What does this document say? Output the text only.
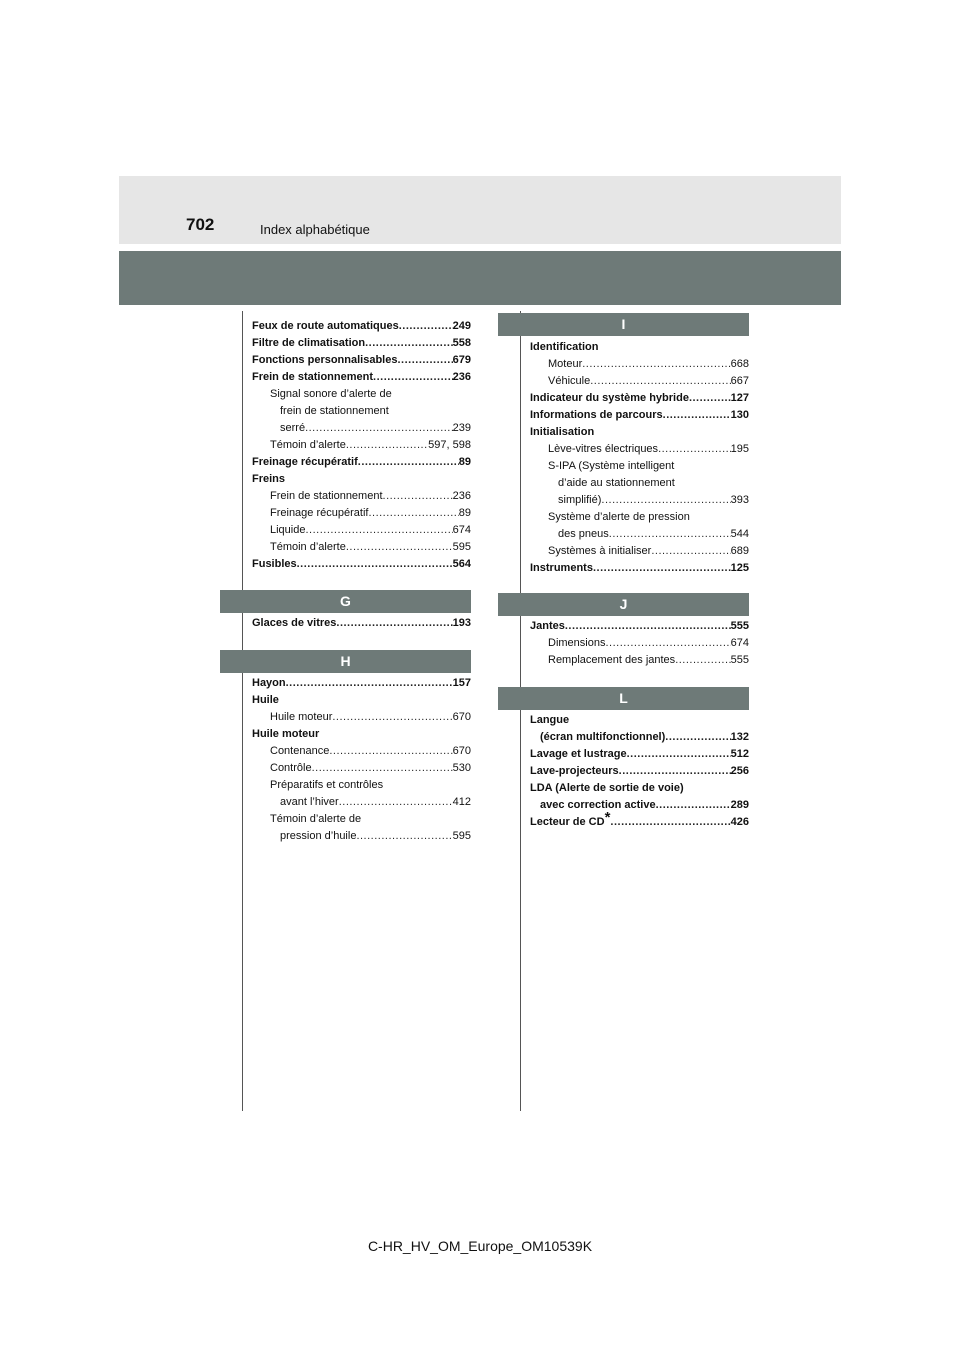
702	Index alphabétique
Feux de route automatiques .....	249
Filtre de climatisation .....	558
Fonctions personnalisables .....	679
Frein de stationnement .....	236
Signal sonore d’alerte de
frein de stationnement
serré .....	239
Témoin d’alerte .....	597, 598
Freinage récupératif .....	89
Freins
Frein de stationnement .....	236
Freinage récupératif .....	89
Liquide .....	674
Témoin d’alerte .....	595
Fusibles .....	564
G
Glaces de vitres .....	193
H
Hayon .....	157
Huile
Huile moteur .....	670
Huile moteur
Contenance .....	670
Contrôle .....	530
Préparatifs et contrôles
avant l’hiver .....	412
Témoin d’alerte de
pression d’huile .....	595
I
Identification
Moteur .....	668
Véhicule .....	667
Indicateur du système hybride .....	127
Informations de parcours .....	130
Initialisation
Lève-vitres électriques .....	195
S-IPA (Système intelligent
d’aide au stationnement
simplifié) .....	393
Système d’alerte de pression
des pneus .....	544
Systèmes à initialiser .....	689
Instruments .....	125
J
Jantes .....	555
Dimensions .....	674
Remplacement des jantes .....	555
L
Langue
(écran multifonctionnel) .....	132
Lavage et lustrage .....	512
Lave-projecteurs .....	256
LDA (Alerte de sortie de voie)
avec correction active .....	289
Lecteur de CD* .....	426
C-HR_HV_OM_Europe_OM10539K
